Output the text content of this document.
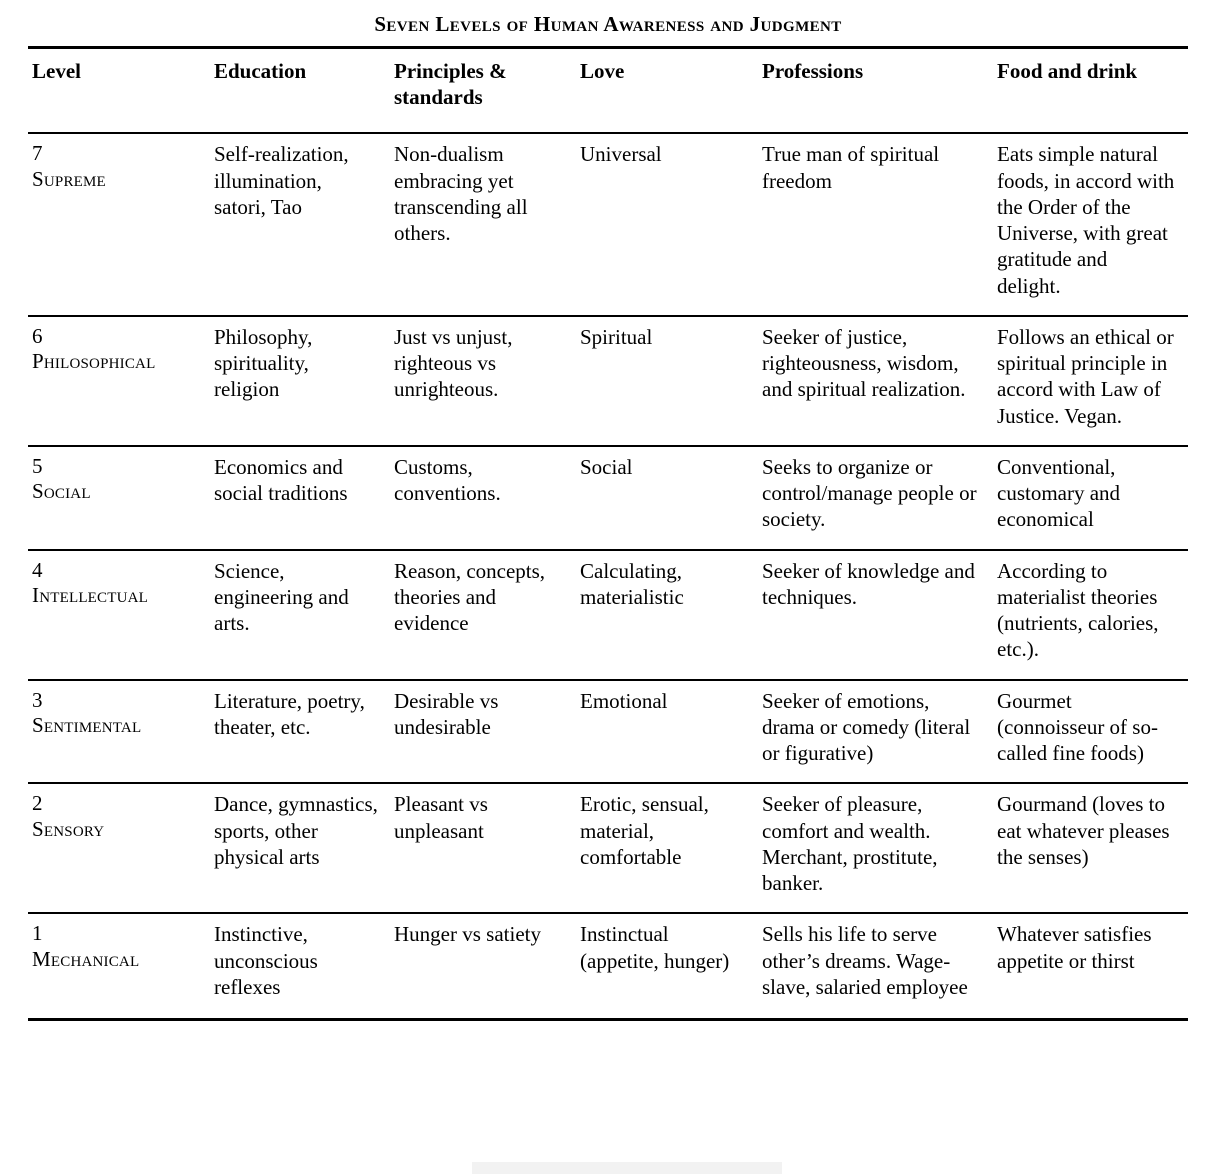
Seven Levels of Human Awareness and Judgment
Level	Education	Principles & standards	Love	Professions	Food and drink

7
Supreme	Self-realization, illumination, satori, Tao	Non-dualism embracing yet transcending all others.	Universal	True man of spiritual freedom	Eats simple natural foods, in accord with the Order of the Universe, with great gratitude and delight.

6
Philosophical	Philosophy, spirituality, religion	Just vs unjust, righteous vs unrighteous.	Spiritual	Seeker of justice, righteousness, wisdom, and spiritual realization.	Follows an ethical or spiritual principle in accord with Law of Justice. Vegan.

5
Social	Economics and social traditions	Customs, conventions.	Social	Seeks to organize or control/manage people or society.	Conventional, customary and economical

4
Intellectual	Science, engineering and arts.	Reason, concepts, theories and evidence	Calculating, materialistic	Seeker of knowledge and techniques.	According to materialist theories (nutrients, calories, etc.).

3
Sentimental	Literature, poetry, theater, etc.	Desirable vs undesirable	Emotional	Seeker of emotions, drama or comedy (literal or figurative)	Gourmet (connoisseur of so-called fine foods)

2
Sensory	Dance, gymnastics, sports, other physical arts	Pleasant vs unpleasant	Erotic, sensual, material, comfortable	Seeker of pleasure, comfort and wealth. Merchant, prostitute, banker.	Gourmand (loves to eat whatever pleases the senses)

1
Mechanical	Instinctive, unconscious reflexes	Hunger vs satiety	Instinctual (appetite, hunger)	Sells his life to serve other’s dreams. Wage-slave, salaried employee	Whatever satisfies appetite or thirst
